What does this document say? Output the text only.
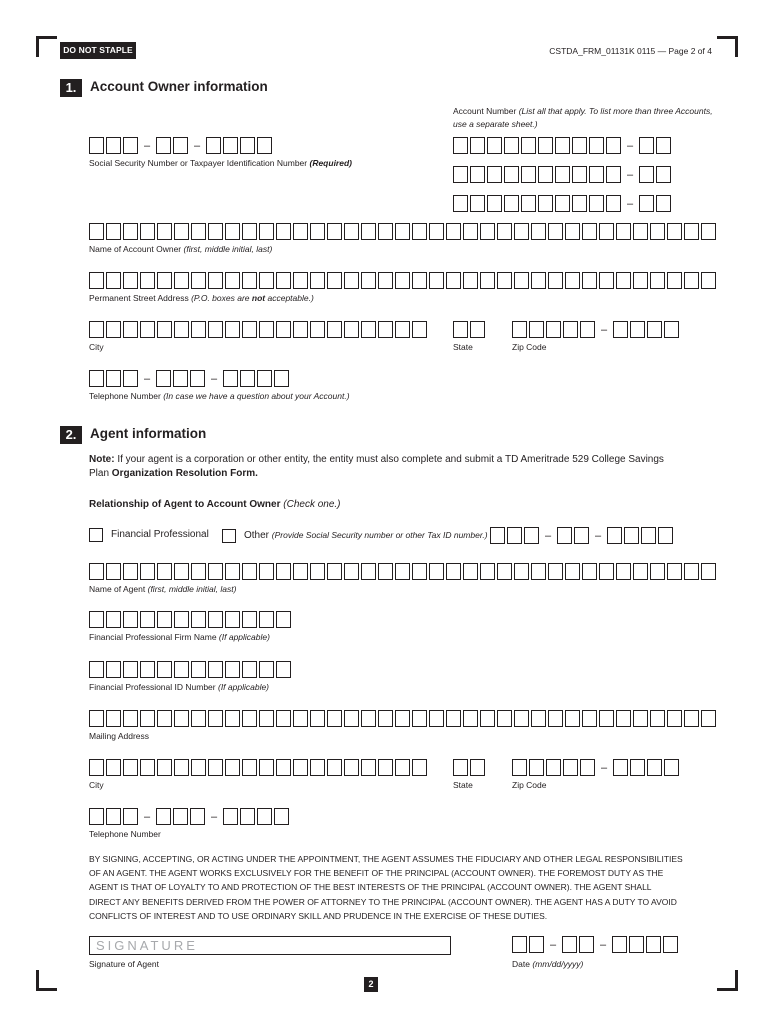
DO NOT STAPLE	CSTDA_FRM_01131K 0115 — Page 2 of 4
1.	Account Owner information
Account Number (List all that apply. To list more than three Accounts,
use a separate sheet.)
–	–
Social Security Number or Taxpayer Identification Number (Required)
–
–
–
Name of Account Owner (first, middle initial, last)
Permanent Street Address (P.O. boxes are not acceptable.)
–
City	State	Zip Code
–	–
Telephone Number (In case we have a question about your Account.)
2.	Agent information
Note: If your agent is a corporation or other entity, the entity must also complete and submit a TD Ameritrade 529 College Savings
Plan Organization Resolution Form.
Relationship of Agent to Account Owner (Check one.)
Financial Professional	Other (Provide Social Security number or other Tax ID number.)	–	–
Name of Agent (first, middle initial, last)
Financial Professional Firm Name (If applicable)
Financial Professional ID Number (If applicable)
Mailing Address
–
City	State	Zip Code
–	–
Telephone Number
BY SIGNING, ACCEPTING, OR ACTING UNDER THE APPOINTMENT, THE AGENT ASSUMES THE FIDUCIARY AND OTHER LEGAL RESPONSIBILITIES
OF AN AGENT. THE AGENT WORKS EXCLUSIVELY FOR THE BENEFIT OF THE PRINCIPAL (ACCOUNT OWNER). THE FOREMOST DUTY AS THE
AGENT IS THAT OF LOYALTY TO AND PROTECTION OF THE BEST INTERESTS OF THE PRINCIPAL (ACCOUNT OWNER). THE AGENT SHALL
DIRECT ANY BENEFITS DERIVED FROM THE POWER OF ATTORNEY TO THE PRINCIPAL (ACCOUNT OWNER). THE AGENT HAS A DUTY TO AVOID
CONFLICTS OF INTEREST AND TO USE ORDINARY SKILL AND PRUDENCE IN THE EXERCISE OF THESE DUTIES.
SIGNATURE
Signature of Agent
–	–
Date (mm/dd/yyyy)
2
